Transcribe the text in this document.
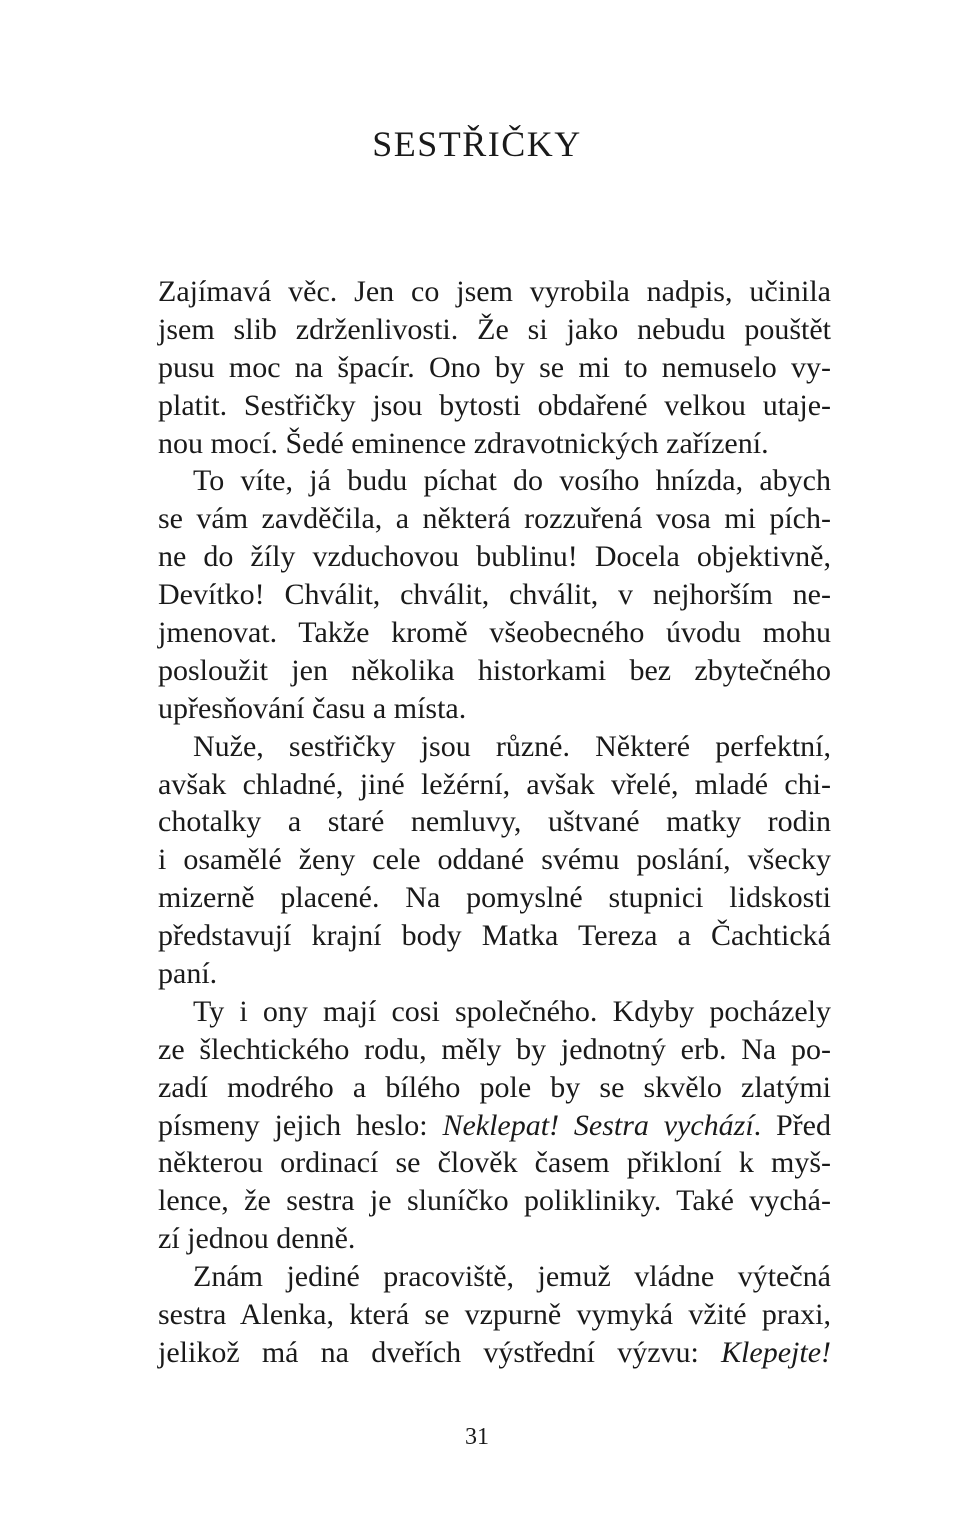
SESTŘIČKY
Zajímavá věc. Jen co jsem vyrobila nadpis, učinila
jsem slib zdrženlivosti. Že si jako nebudu pouštět
pusu moc na špacír. Ono by se mi to nemuselo vy-
platit. Sestřičky jsou bytosti obdařené velkou utaje-
nou mocí. Šedé eminence zdravotnických zařízení.
To víte, já budu píchat do vosího hnízda, abych
se vám zavděčila, a některá rozzuřená vosa mi pích-
ne do žíly vzduchovou bublinu! Docela objektivně,
Devítko! Chválit, chválit, chválit, v nejhorším ne-
jmenovat. Takže kromě všeobecného úvodu mohu
posloužit jen několika historkami bez zbytečného
upřesňování času a místa.
Nuže, sestřičky jsou různé. Některé perfektní,
avšak chladné, jiné ležérní, avšak vřelé, mladé chi-
chotalky a staré nemluvy, uštvané matky rodin
i osamělé ženy cele oddané svému poslání, všecky
mizerně placené. Na pomyslné stupnici lidskosti
představují krajní body Matka Tereza a Čachtická
paní.
Ty i ony mají cosi společného. Kdyby pocházely
ze šlechtického rodu, měly by jednotný erb. Na po-
zadí modrého a bílého pole by se skvělo zlatými
písmeny jejich heslo: Neklepat! Sestra vychází. Před
některou ordinací se člověk časem přikloní k myš-
lence, že sestra je sluníčko polikliniky. Také vychá-
zí jednou denně.
Znám jediné pracoviště, jemuž vládne výtečná
sestra Alenka, která se vzpurně vymyká vžité praxi,
jelikož má na dveřích výstřední výzvu: Klepejte!
31
